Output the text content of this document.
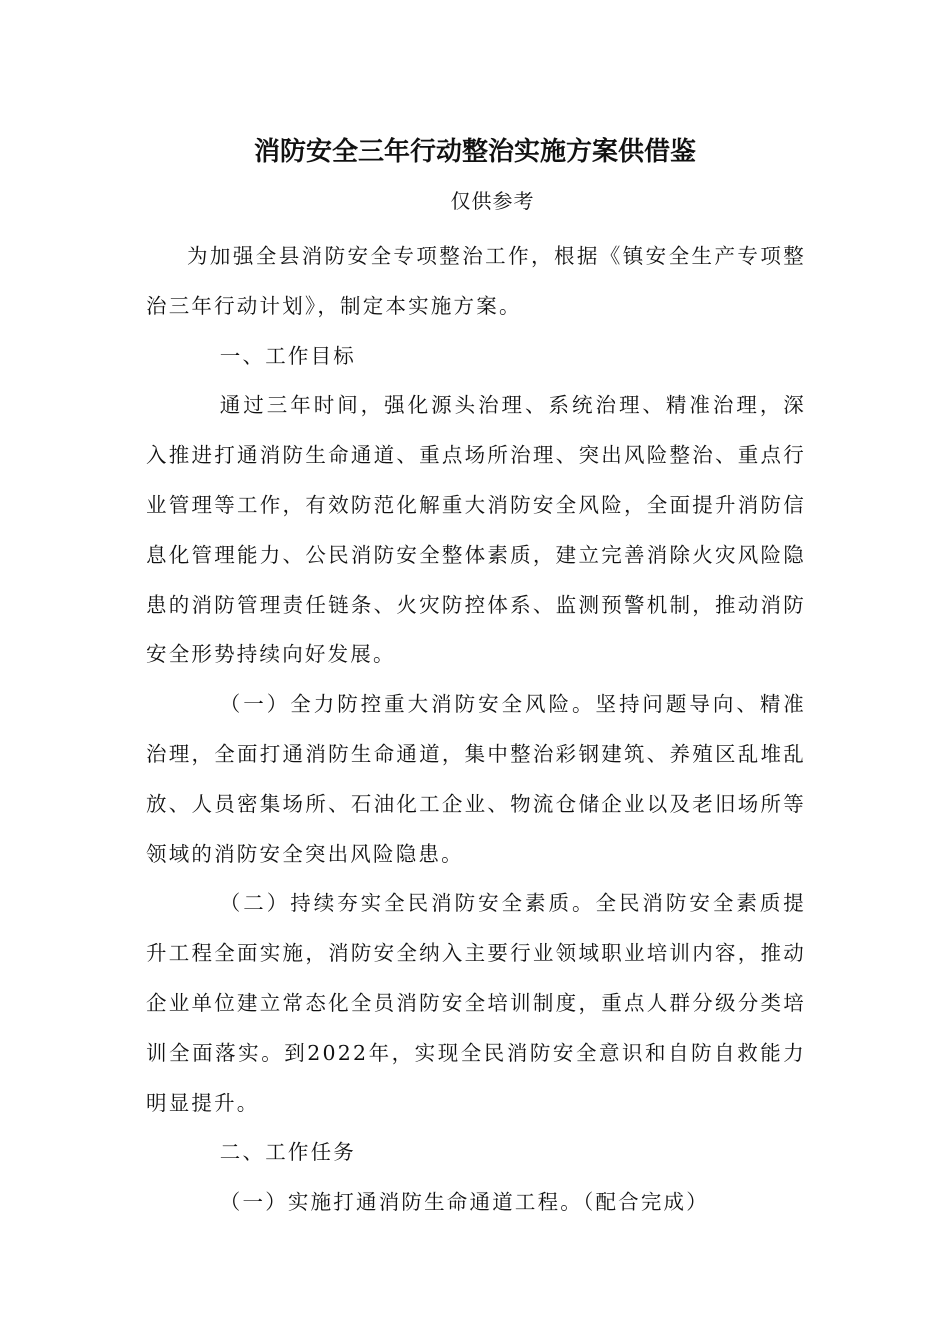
消防安全三年行动整治实施方案供借鉴
仅供参考

为加强全县消防安全专项整治工作，根据《镇安全生产专项整治三年行动计划》，制定本实施方案。

一、工作目标

通过三年时间，强化源头治理、系统治理、精准治理，深入推进打通消防生命通道、重点场所治理、突出风险整治、重点行业管理等工作，有效防范化解重大消防安全风险，全面提升消防信息化管理能力、公民消防安全整体素质，建立完善消除火灾风险隐患的消防管理责任链条、火灾防控体系、监测预警机制，推动消防安全形势持续向好发展。

（一）全力防控重大消防安全风险。坚持问题导向、精准治理，全面打通消防生命通道，集中整治彩钢建筑、养殖区乱堆乱放、人员密集场所、石油化工企业、物流仓储企业以及老旧场所等领域的消防安全突出风险隐患。

（二）持续夯实全民消防安全素质。全民消防安全素质提升工程全面实施，消防安全纳入主要行业领域职业培训内容，推动企业单位建立常态化全员消防安全培训制度，重点人群分级分类培训全面落实。到2022年，实现全民消防安全意识和自防自救能力明显提升。

二、工作任务

（一）实施打通消防生命通道工程。（配合完成）
